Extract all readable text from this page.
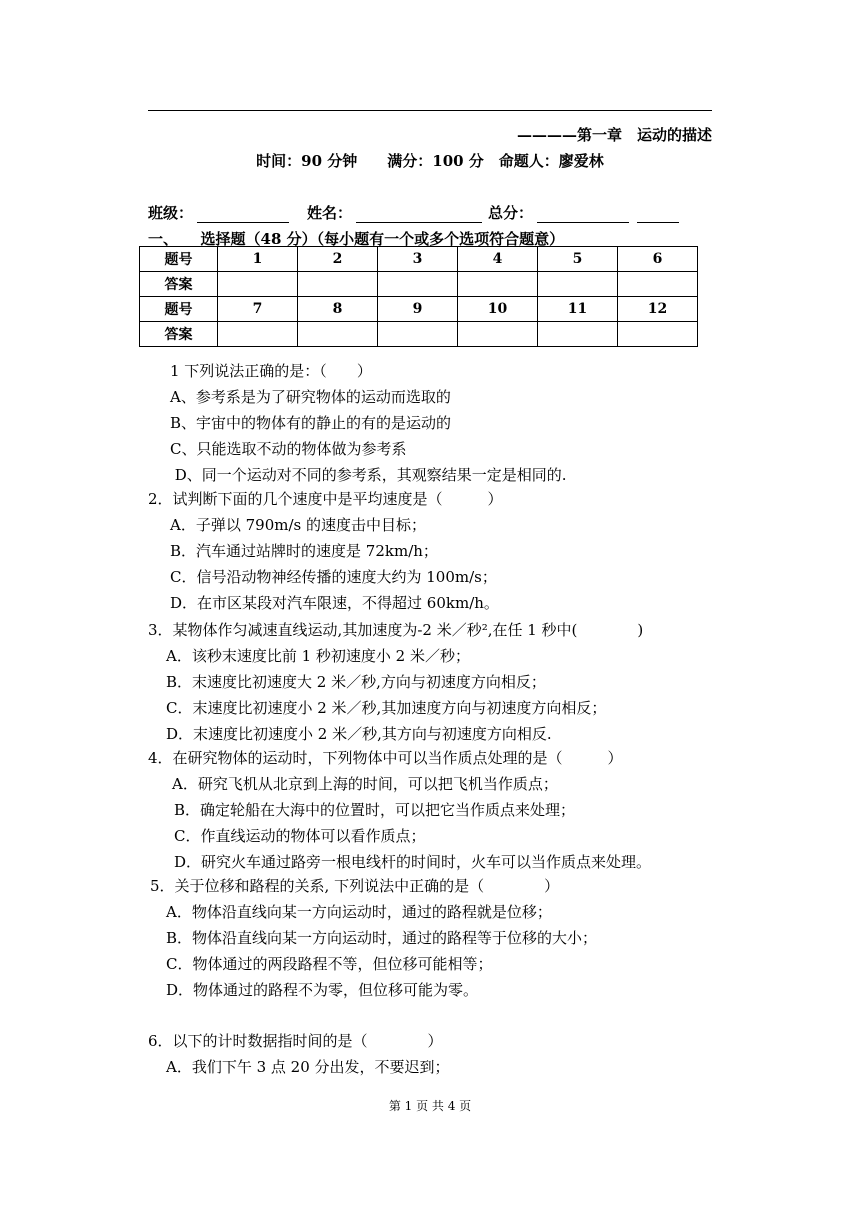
————第一章　运动的描述
时间：90 分钟　　满分：100 分　命题人：廖爱林
班级：	姓名：	总分：
一、　　选择题（48 分）（每小题有一个或多个选项符合题意）
题号	1	2	3	4	5	6
答案						
题号	7	8	9	10	11	12
答案						
1 下列说法正确的是：（　　）
A、参考系是为了研究物体的运动而选取的
B、宇宙中的物体有的静止的有的是运动的
C、只能选取不动的物体做为参考系
D、同一个运动对不同的参考系，其观察结果一定是相同的.
2．试判断下面的几个速度中是平均速度是（　　　）
A．子弹以 790m/s 的速度击中目标；
B．汽车通过站牌时的速度是 72km/h；
C．信号沿动物神经传播的速度大约为 100m/s；
D．在市区某段对汽车限速，不得超过 60km/h。
3．某物体作匀减速直线运动,其加速度为-2 米／秒²,在任 1 秒中(　　　　)
A．该秒末速度比前 1 秒初速度小 2 米／秒；
B．末速度比初速度大 2 米／秒,方向与初速度方向相反；
C．末速度比初速度小 2 米／秒,其加速度方向与初速度方向相反；
D．末速度比初速度小 2 米／秒,其方向与初速度方向相反.
4．在研究物体的运动时，下列物体中可以当作质点处理的是（　　　）
A．研究飞机从北京到上海的时间，可以把飞机当作质点；
B．确定轮船在大海中的位置时，可以把它当作质点来处理；
C．作直线运动的物体可以看作质点；
D．研究火车通过路旁一根电线杆的时间时，火车可以当作质点来处理。
5．关于位移和路程的关系, 下列说法中正确的是（　　　　）
A．物体沿直线向某一方向运动时，通过的路程就是位移；
B．物体沿直线向某一方向运动时，通过的路程等于位移的大小；
C．物体通过的两段路程不等，但位移可能相等；
D．物体通过的路程不为零，但位移可能为零。
6．以下的计时数据指时间的是（　　　　）
A．我们下午 3 点 20 分出发，不要迟到；
第 1 页 共 4 页
